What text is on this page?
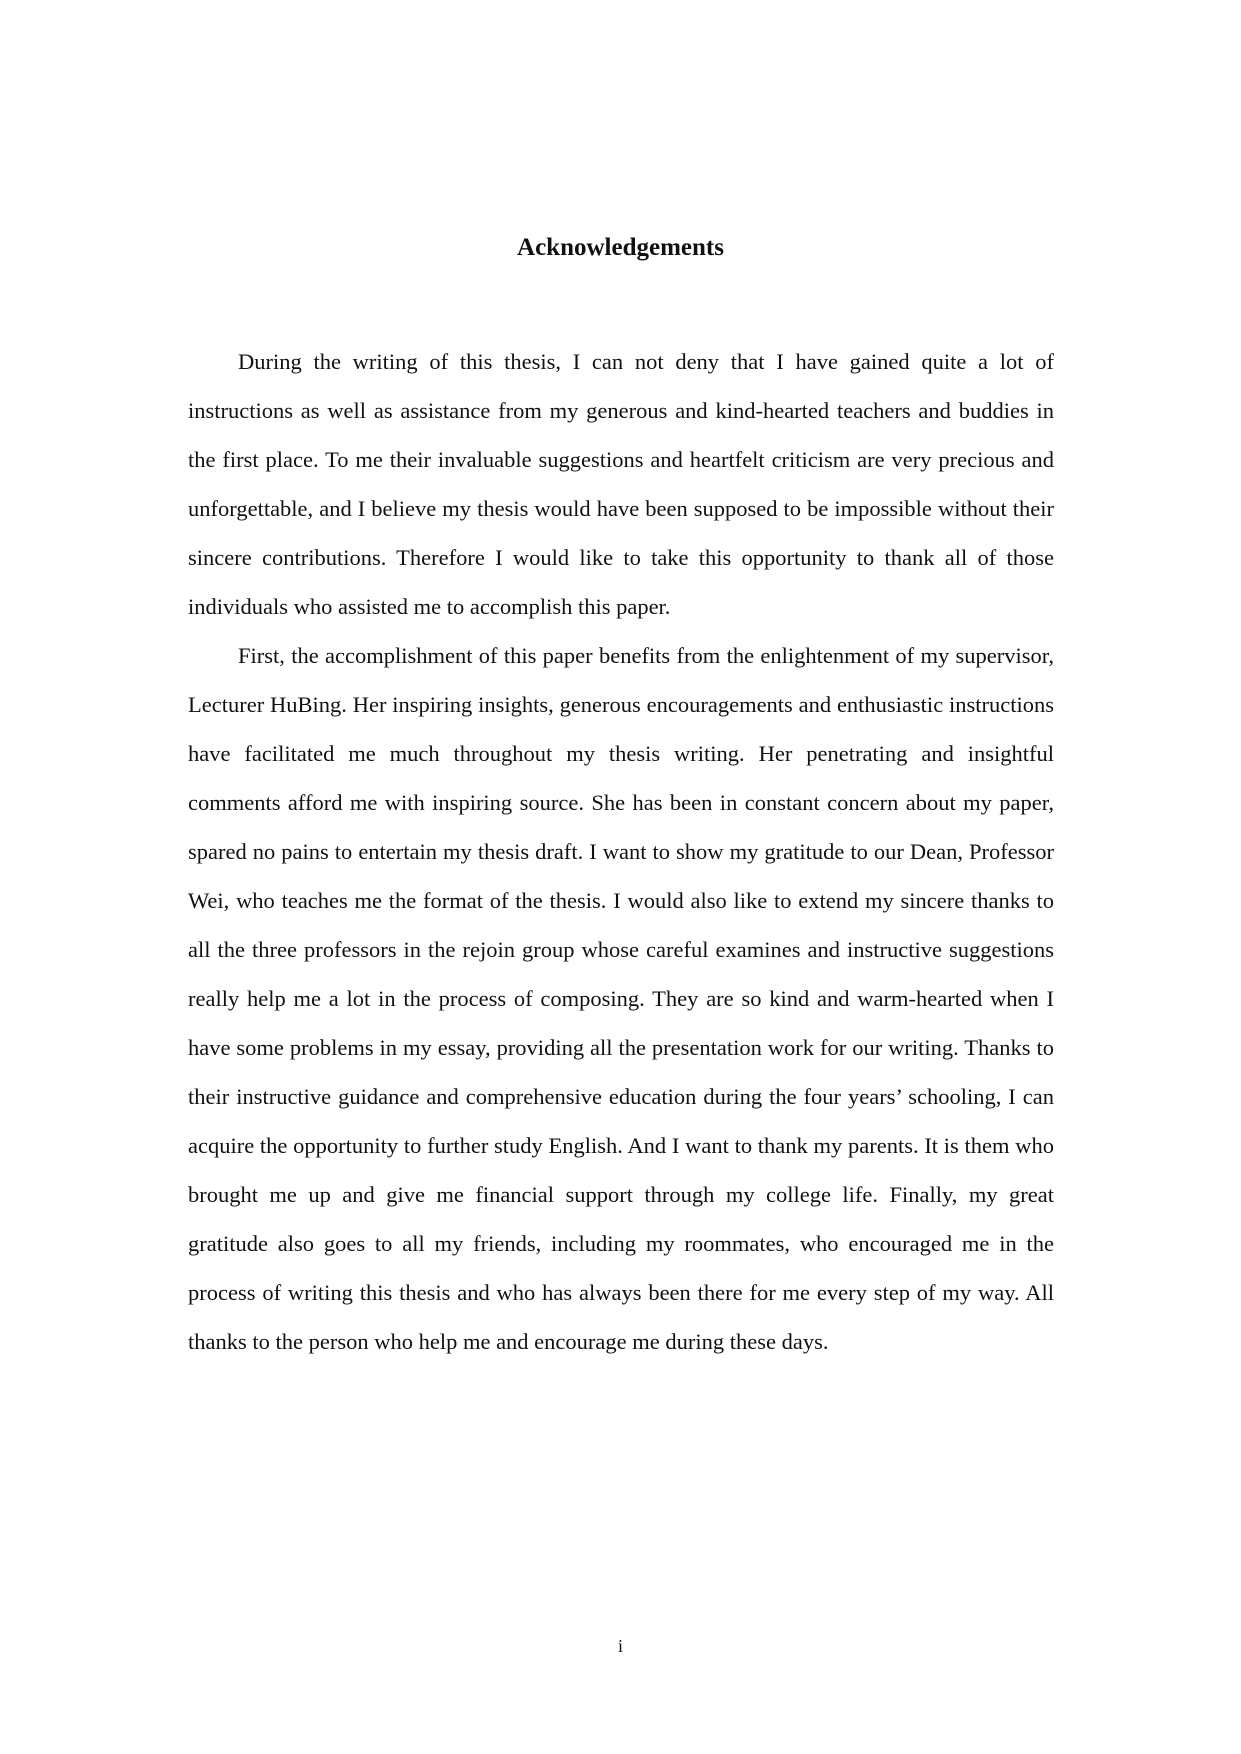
Acknowledgements

During the writing of this thesis, I can not deny that I have gained quite a lot of instructions as well as assistance from my generous and kind-hearted teachers and buddies in the first place. To me their invaluable suggestions and heartfelt criticism are very precious and unforgettable, and I believe my thesis would have been supposed to be impossible without their sincere contributions. Therefore I would like to take this opportunity to thank all of those individuals who assisted me to accomplish this paper.

First, the accomplishment of this paper benefits from the enlightenment of my supervisor, Lecturer HuBing. Her inspiring insights, generous encouragements and enthusiastic instructions have facilitated me much throughout my thesis writing. Her penetrating and insightful comments afford me with inspiring source. She has been in constant concern about my paper, spared no pains to entertain my thesis draft. I want to show my gratitude to our Dean, Professor Wei, who teaches me the format of the thesis. I would also like to extend my sincere thanks to all the three professors in the rejoin group whose careful examines and instructive suggestions really help me a lot in the process of composing. They are so kind and warm-hearted when I have some problems in my essay, providing all the presentation work for our writing. Thanks to their instructive guidance and comprehensive education during the four years’ schooling, I can acquire the opportunity to further study English. And I want to thank my parents. It is them who brought me up and give me financial support through my college life. Finally, my great gratitude also goes to all my friends, including my roommates, who encouraged me in the process of writing this thesis and who has always been there for me every step of my way. All thanks to the person who help me and encourage me during these days.

i
